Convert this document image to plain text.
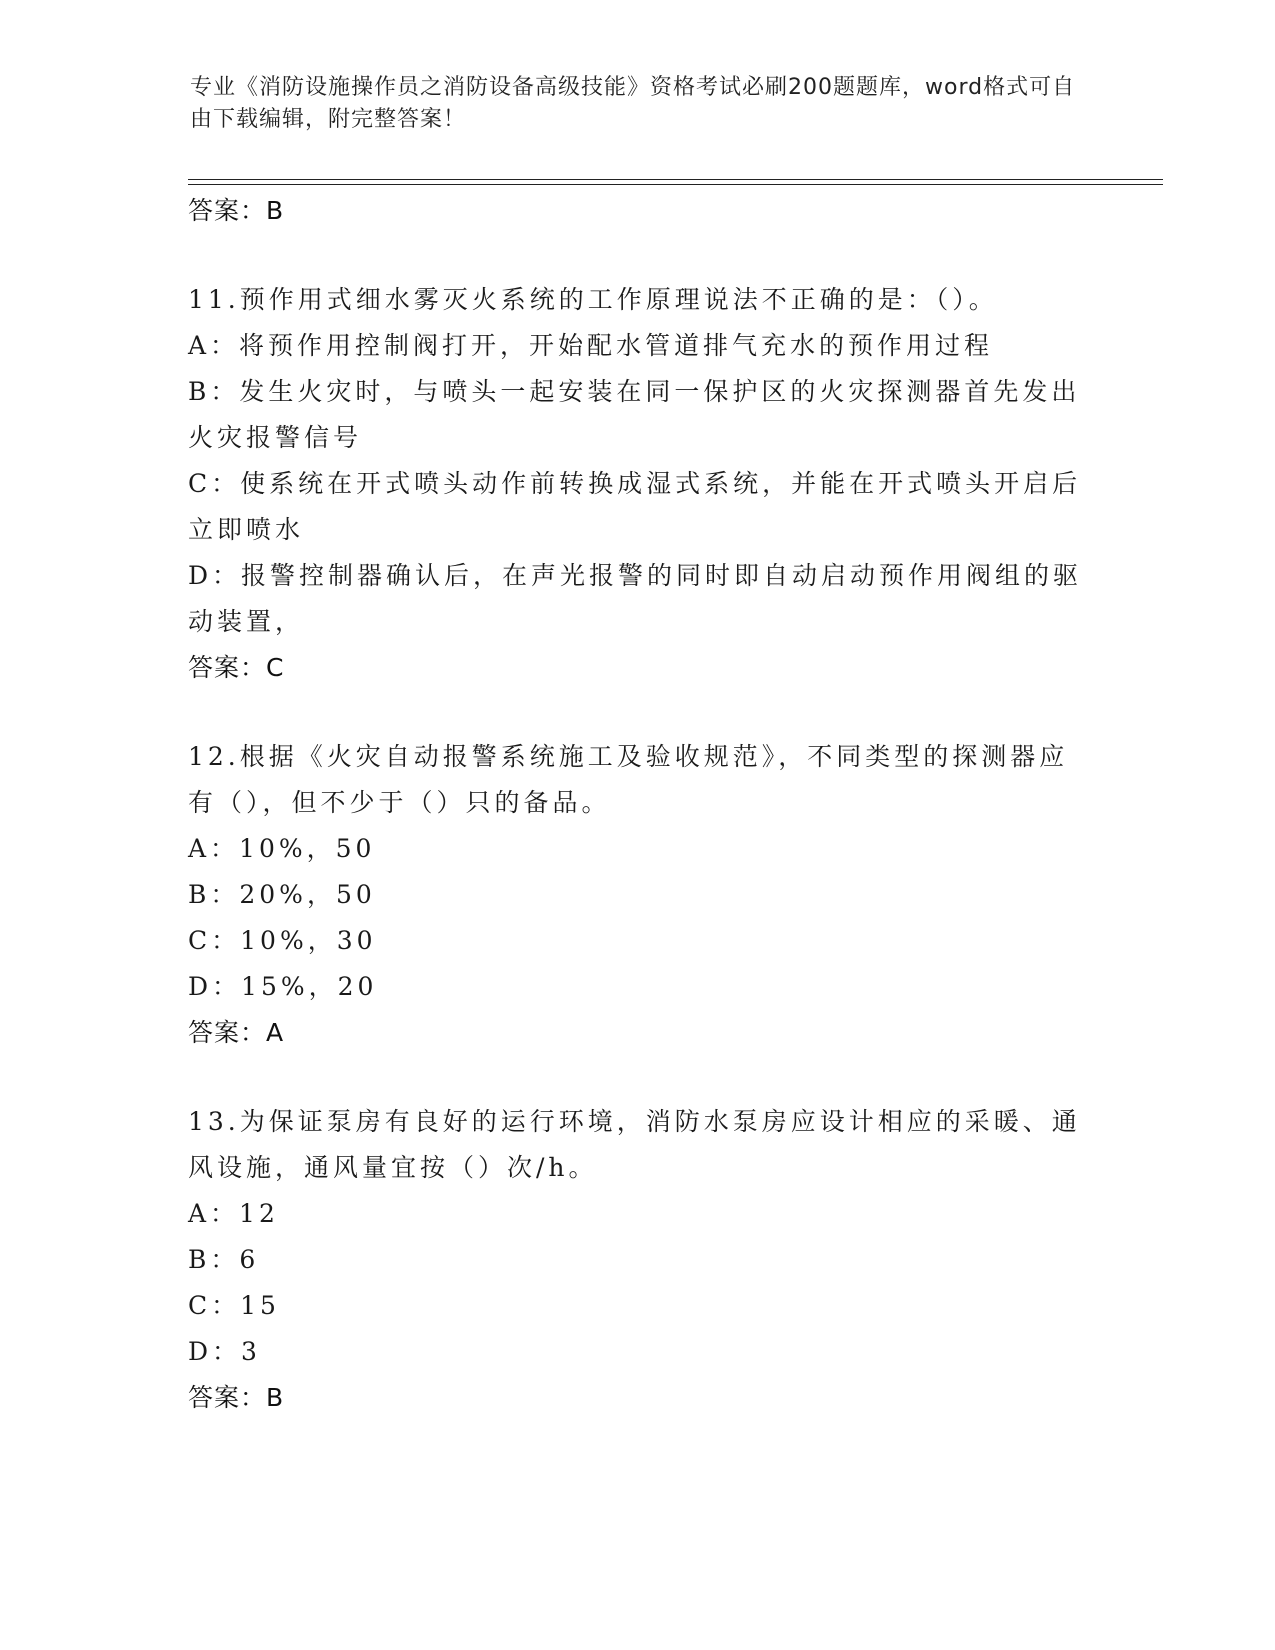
专业《消防设施操作员之消防设备高级技能》资格考试必刷200题题库，word格式可自由下载编辑，附完整答案！
答案：B
11.预作用式细水雾灭火系统的工作原理说法不正确的是：（）。
A：将预作用控制阀打开，开始配水管道排气充水的预作用过程
B：发生火灾时，与喷头一起安装在同一保护区的火灾探测器首先发出火灾报警信号
C：使系统在开式喷头动作前转换成湿式系统，并能在开式喷头开启后立即喷水
D：报警控制器确认后，在声光报警的同时即自动启动预作用阀组的驱动装置，
答案：C
12.根据《火灾自动报警系统施工及验收规范》，不同类型的探测器应有（），但不少于（）只的备品。
A：10%，50
B：20%，50
C：10%，30
D：15%，20
答案：A
13.为保证泵房有良好的运行环境，消防水泵房应设计相应的采暖、通风设施，通风量宜按（）次/h。
A：12
B：6
C：15
D：3
答案：B
